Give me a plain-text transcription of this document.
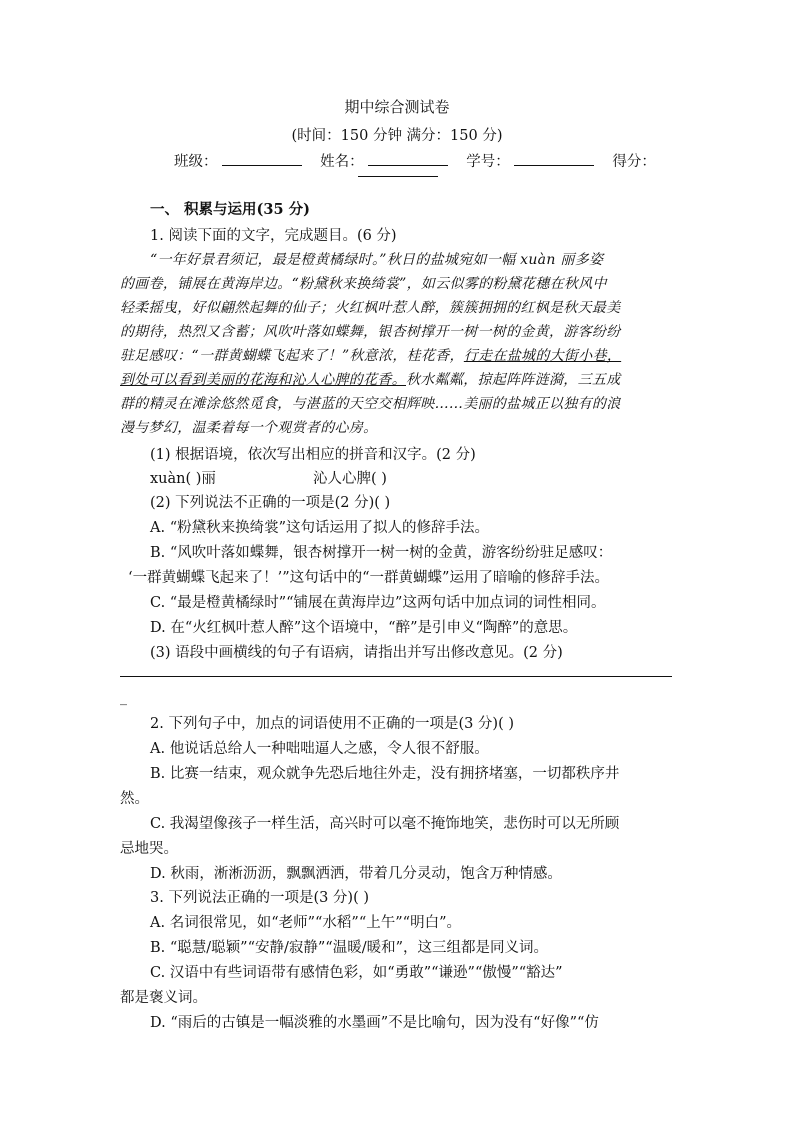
期中综合测试卷
(时间：150 分钟 满分：150 分)
班级：	姓名：	学号：	得分：
一、 积累与运用(35 分)
1. 阅读下面的文字，完成题目。(6 分)
“一年好景君须记，最是橙黄橘绿时。”秋日的盐城宛如一幅 xuàn 丽多姿
的画卷，铺展在黄海岸边。“粉黛秋来换绮裳”，如云似雾的粉黛花穗在秋风中
轻柔摇曳，好似翩然起舞的仙子；火红枫叶惹人醉，簇簇拥拥的红枫是秋天最美
的期待，热烈又含蓄；风吹叶落如蝶舞，银杏树撑开一树一树的金黄，游客纷纷
驻足感叹：“一群黄蝴蝶飞起来了！”秋意浓，桂花香，行走在盐城的大街小巷，
到处可以看到美丽的花海和沁人心脾的花香。秋水粼粼，掠起阵阵涟漪，三五成
群的精灵在滩涂悠然觅食，与湛蓝的天空交相辉映……美丽的盐城正以独有的浪
漫与梦幻，温柔着每一个观赏者的心房。
(1) 根据语境，依次写出相应的拼音和汉字。(2 分)
xuàn( )丽	沁人心脾( )
(2) 下列说法不正确的一项是(2 分)( )
A. “粉黛秋来换绮裳”这句话运用了拟人的修辞手法。
B. “风吹叶落如蝶舞，银杏树撑开一树一树的金黄，游客纷纷驻足感叹：
‘一群黄蝴蝶飞起来了！’”这句话中的“一群黄蝴蝶”运用了暗喻的修辞手法。
C. “最是橙黄橘绿时”“铺展在黄海岸边”这两句话中加点词的词性相同。
D. 在“火红枫叶惹人醉”这个语境中，“醉”是引申义“陶醉”的意思。
(3) 语段中画横线的句子有语病，请指出并写出修改意见。(2 分)
_
2. 下列句子中，加点的词语使用不正确的一项是(3 分)( )
A. 他说话总给人一种咄咄逼人之感，令人很不舒服。
B. 比赛一结束，观众就争先恐后地往外走，没有拥挤堵塞，一切都秩序井
然。
C. 我渴望像孩子一样生活，高兴时可以毫不掩饰地笑，悲伤时可以无所顾
忌地哭。
D. 秋雨，淅淅沥沥，飘飘洒洒，带着几分灵动，饱含万种情感。
3. 下列说法正确的一项是(3 分)( )
A. 名词很常见，如“老师”“水稻”“上午”“明白”。
B. “聪慧/聪颖”“安静/寂静”“温暖/暖和”，这三组都是同义词。
C. 汉语中有些词语带有感情色彩，如“勇敢”“谦逊”“傲慢”“豁达”
都是褒义词。
D. “雨后的古镇是一幅淡雅的水墨画”不是比喻句，因为没有“好像”“仿
